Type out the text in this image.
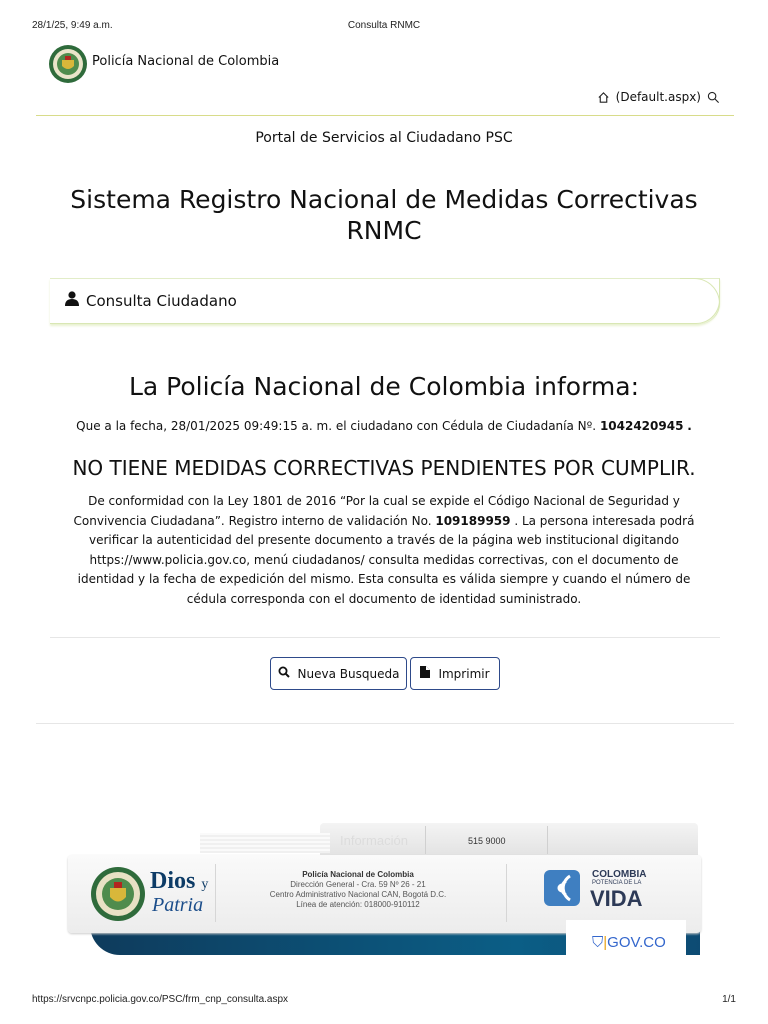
28/1/25, 9:49 a.m.	Consulta RNMC
Policía Nacional de Colombia
(Default.aspx)
Portal de Servicios al Ciudadano PSC
Sistema Registro Nacional de Medidas Correctivas
RNMC
Consulta Ciudadano
La Policía Nacional de Colombia informa:
Que a la fecha, 28/01/2025 09:49:15 a. m. el ciudadano con Cédula de Ciudadanía Nº. 1042420945 .
NO TIENE MEDIDAS CORRECTIVAS PENDIENTES POR CUMPLIR.
De conformidad con la Ley 1801 de 2016 “Por la cual se expide el Código Nacional de Seguridad y Convivencia Ciudadana”. Registro interno de validación No. 109189959 . La persona interesada podrá verificar la autenticidad del presente documento a través de la página web institucional digitando https://www.policia.gov.co, menú ciudadanos/ consulta medidas correctivas, con el documento de identidad y la fecha de expedición del mismo. Esta consulta es válida siempre y cuando el número de cédula corresponda con el documento de identidad suministrado.
Nueva Busqueda	Imprimir
Información	515 9000
Dios y
Patria
Policía Nacional de Colombia
Dirección General - Cra. 59 Nº 26 - 21
Centro Administrativo Nacional CAN, Bogotá D.C.
Línea de atención: 018000-910112
COLOMBIA
POTENCIA DE LA
VIDA
⛉|GOV.CO
https://srvcnpc.policia.gov.co/PSC/frm_cnp_consulta.aspx	1/1
